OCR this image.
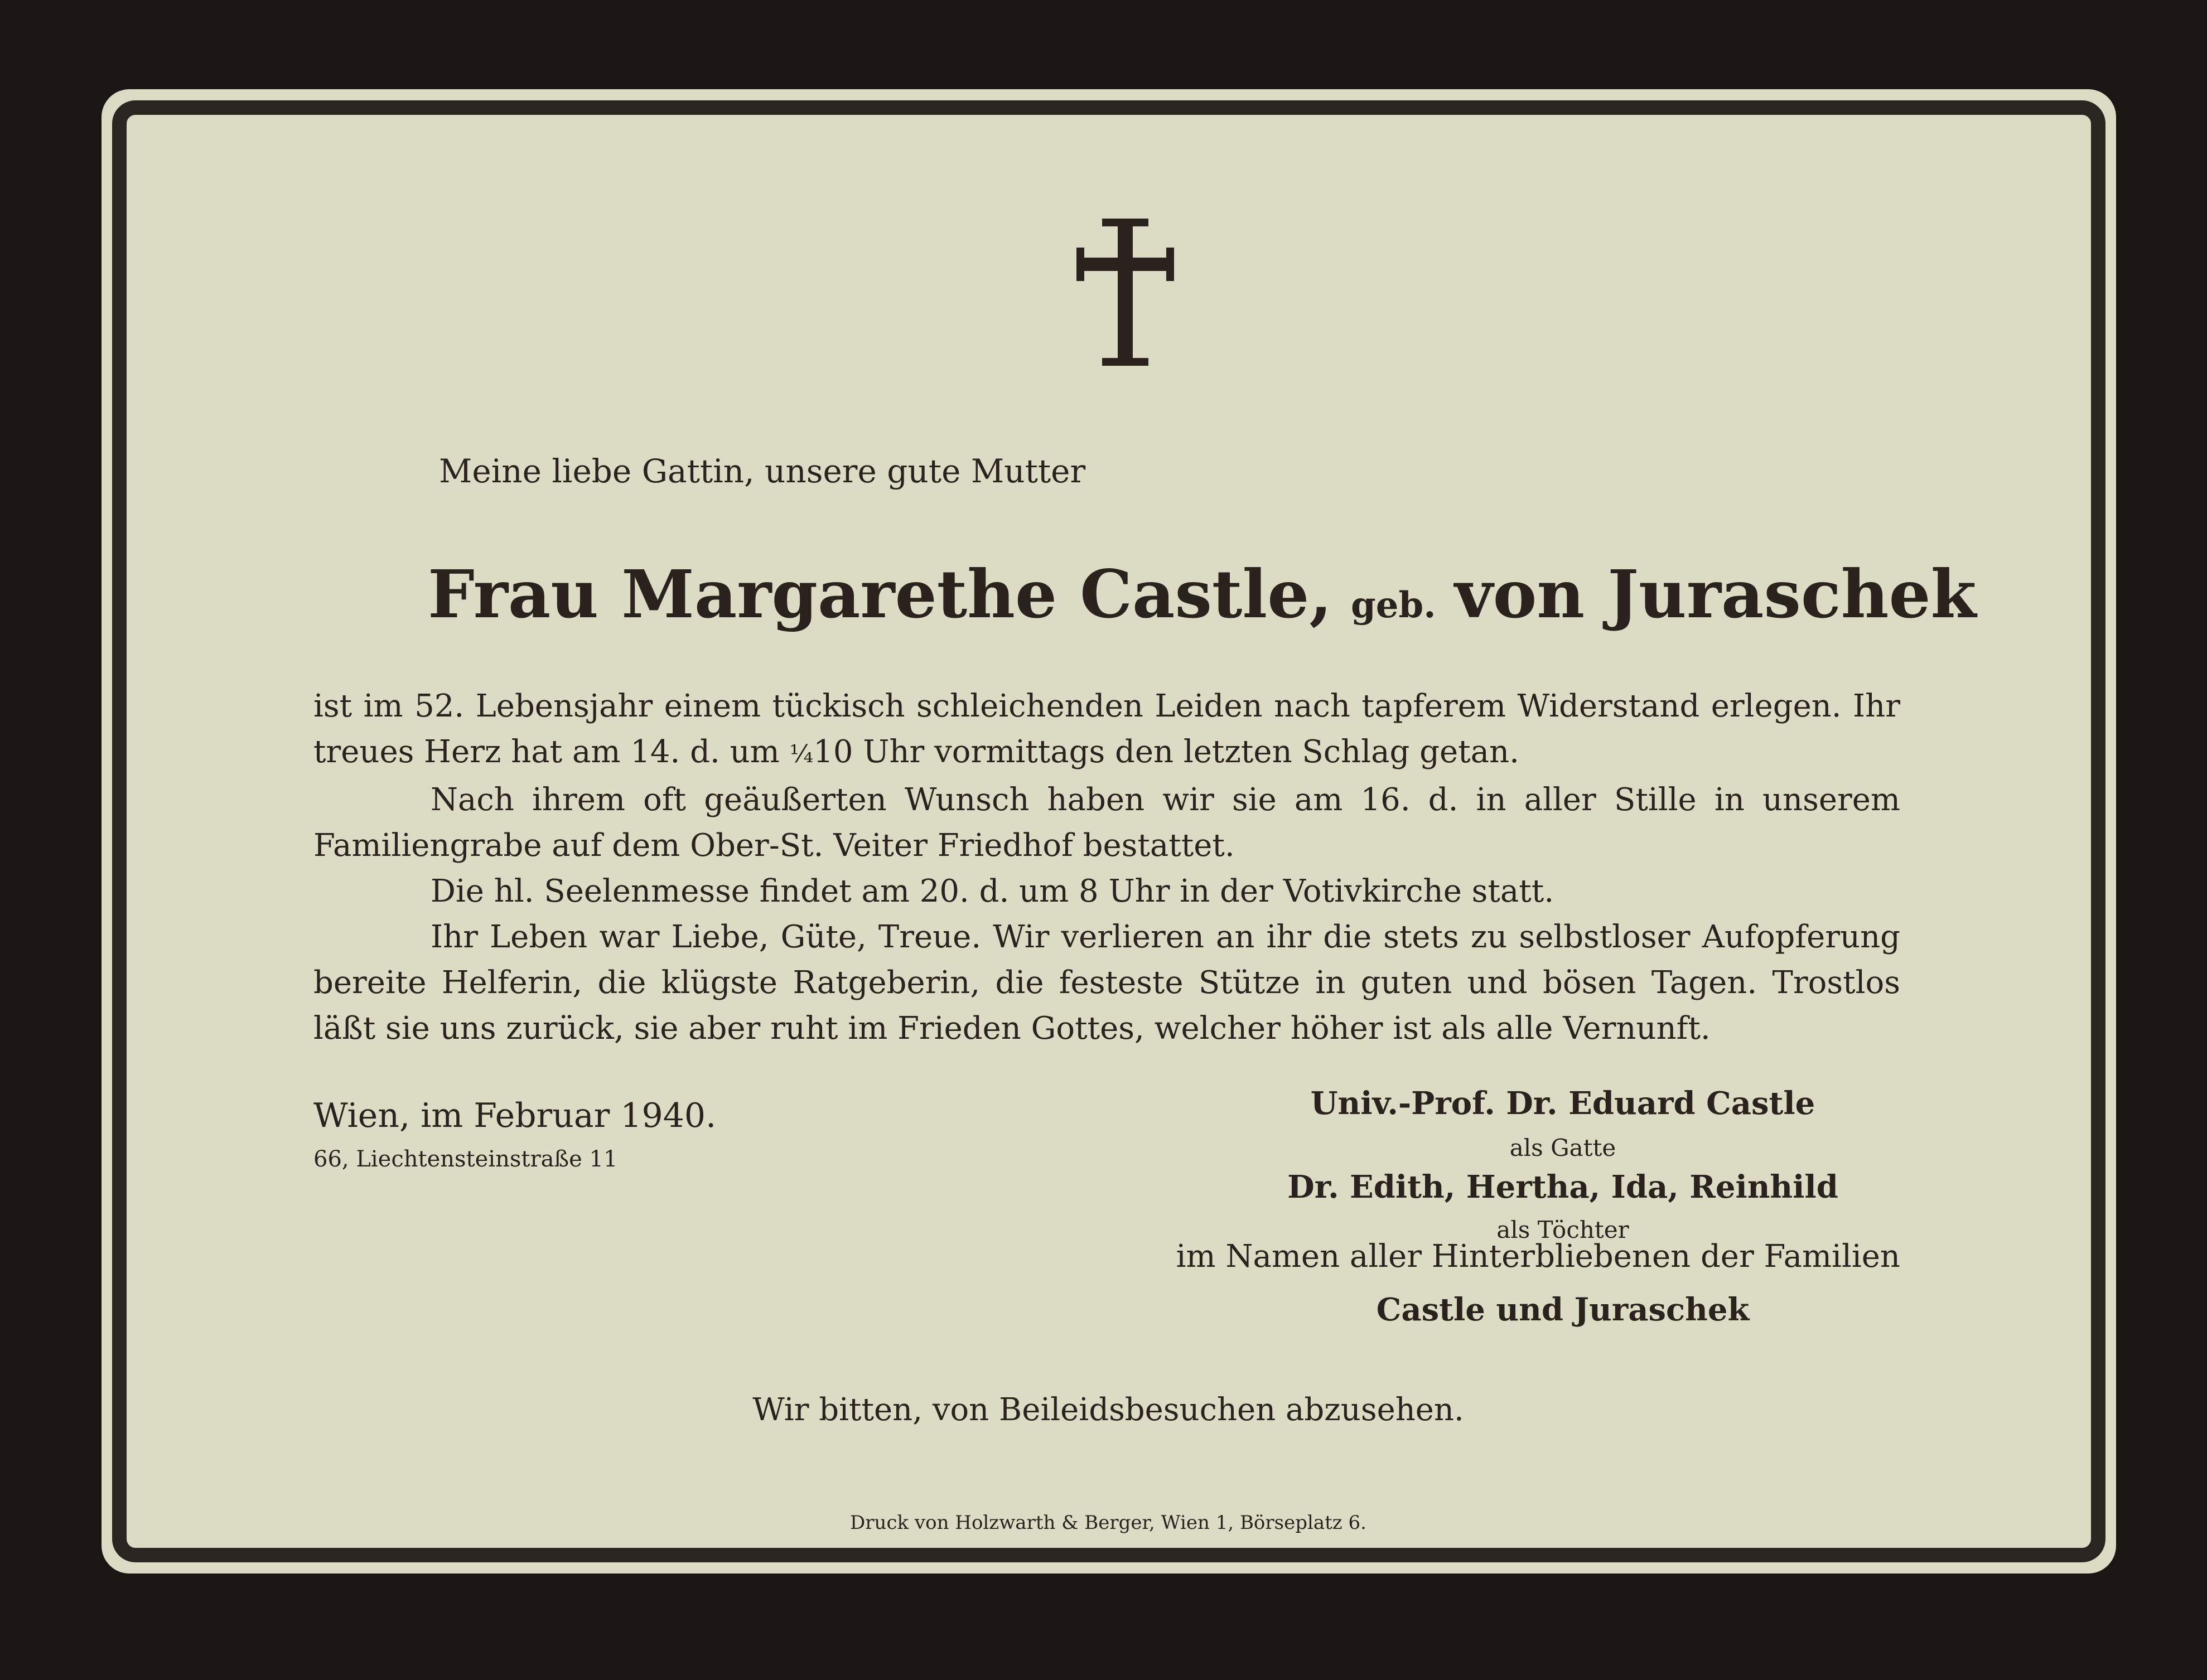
Meine liebe Gattin, unsere gute Mutter
Frau Margarethe Castle, geb. von Juraschek

ist im 52. Lebensjahr einem tückisch schleichenden Leiden nach tapferem Widerstand erlegen. Ihr treues Herz hat am 14. d. um ¼10 Uhr vormittags den letzten Schlag getan.

Nach ihrem oft geäußerten Wunsch haben wir sie am 16. d. in aller Stille in unserem Familiengrabe auf dem Ober-St. Veiter Friedhof bestattet.

Die hl. Seelenmesse findet am 20. d. um 8 Uhr in der Votivkirche statt.

Ihr Leben war Liebe, Güte, Treue. Wir verlieren an ihr die stets zu selbstloser Aufopferung bereite Helferin, die klügste Ratgeberin, die festeste Stütze in guten und bösen Tagen. Trostlos läßt sie uns zurück, sie aber ruht im Frieden Gottes, welcher höher ist als alle Vernunft.

Wien, im Februar 1940.
66, Liechtensteinstraße 11
Univ.-Prof. Dr. Eduard Castle
als Gatte
Dr. Edith, Hertha, Ida, Reinhild
als Töchter
im Namen aller Hinterbliebenen der Familien
Castle und Juraschek
Wir bitten, von Beileidsbesuchen abzusehen.
Druck von Holzwarth & Berger, Wien 1, Börseplatz 6.
